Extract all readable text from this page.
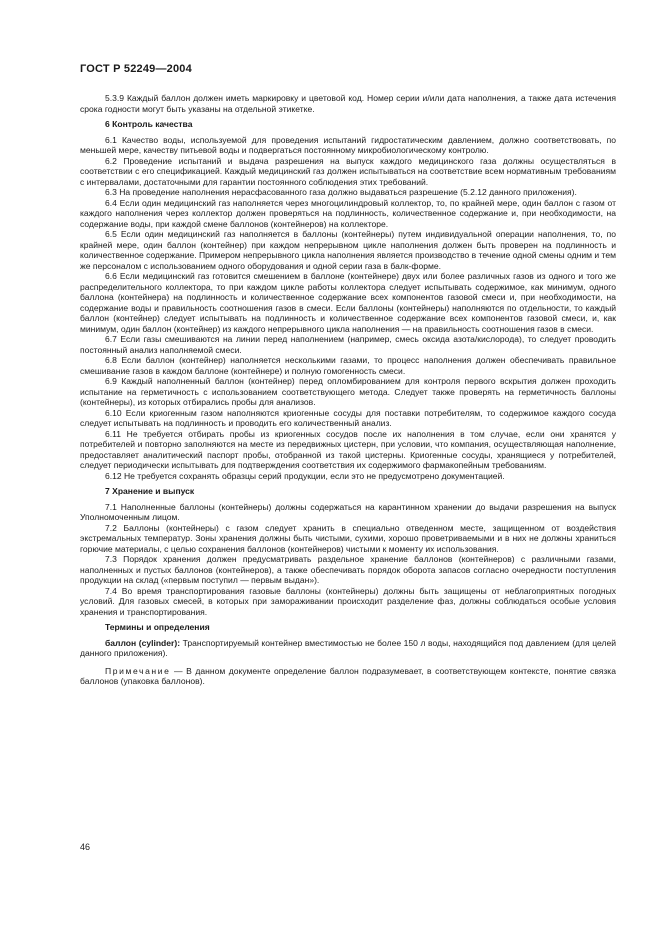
ГОСТ Р 52249—2004

5.3.9 Каждый баллон должен иметь маркировку и цветовой код. Номер серии и/или дата наполнения, а также дата истечения срока годности могут быть указаны на отдельной этикетке.

6 Контроль качества

6.1 Качество воды, используемой для проведения испытаний гидростатическим давлением, должно соответствовать, по меньшей мере, качеству питьевой воды и подвергаться постоянному микробиологическому контролю.

6.2 Проведение испытаний и выдача разрешения на выпуск каждого медицинского газа должны осуществляться в соответствии с его спецификацией. Каждый медицинский газ должен испытываться на соответствие всем нормативным требованиям с интервалами, достаточными для гарантии постоянного соблюдения этих требований.

6.3 На проведение наполнения нерасфасованного газа должно выдаваться разрешение (5.2.12 данного приложения).

6.4 Если один медицинский газ наполняется через многоцилиндровый коллектор, то, по крайней мере, один баллон с газом от каждого наполнения через коллектор должен проверяться на подлинность, количественное содержание и, при необходимости, на содержание воды, при каждой смене баллонов (контейнеров) на коллекторе.

6.5 Если один медицинский газ наполняется в баллоны (контейнеры) путем индивидуальной операции наполнения, то, по крайней мере, один баллон (контейнер) при каждом непрерывном цикле наполнения должен быть проверен на подлинность и количественное содержание. Примером непрерывного цикла наполнения является производство в течение одной смены одним и тем же персоналом с использованием одного оборудования и одной серии газа в балк-форме.

6.6 Если медицинский газ готовится смешением в баллоне (контейнере) двух или более различных газов из одного и того же распределительного коллектора, то при каждом цикле работы коллектора следует испытывать содержимое, как минимум, одного баллона (контейнера) на подлинность и количественное содержание всех компонентов газовой смеси и, при необходимости, на содержание воды и правильность соотношения газов в смеси. Если баллоны (контейнеры) наполняются по отдельности, то каждый баллон (контейнер) следует испытывать на подлинность и количественное содержание всех компонентов газовой смеси, и, как минимум, один баллон (контейнер) из каждого непрерывного цикла наполнения — на правильность соотношения газов в смеси.

6.7 Если газы смешиваются на линии перед наполнением (например, смесь оксида азота/кислорода), то следует проводить постоянный анализ наполняемой смеси.

6.8 Если баллон (контейнер) наполняется несколькими газами, то процесс наполнения должен обеспечивать правильное смешивание газов в каждом баллоне (контейнере) и полную гомогенность смеси.

6.9 Каждый наполненный баллон (контейнер) перед опломбированием для контроля первого вскрытия должен проходить испытание на герметичность с использованием соответствующего метода. Следует также проверять на герметичность баллоны (контейнеры), из которых отбирались пробы для анализов.

6.10 Если криогенным газом наполняются криогенные сосуды для поставки потребителям, то содержимое каждого сосуда следует испытывать на подлинность и проводить его количественный анализ.

6.11 Не требуется отбирать пробы из криогенных сосудов после их наполнения в том случае, если они хранятся у потребителей и повторно заполняются на месте из передвижных цистерн, при условии, что компания, осуществляющая наполнение, предоставляет аналитический паспорт пробы, отобранной из такой цистерны. Криогенные сосуды, хранящиеся у потребителей, следует периодически испытывать для подтверждения соответствия их содержимого фармакопейным требованиям.

6.12 Не требуется сохранять образцы серий продукции, если это не предусмотрено документацией.

7 Хранение и выпуск

7.1 Наполненные баллоны (контейнеры) должны содержаться на карантинном хранении до выдачи разрешения на выпуск Уполномоченным лицом.

7.2 Баллоны (контейнеры) с газом следует хранить в специально отведенном месте, защищенном от воздействия экстремальных температур. Зоны хранения должны быть чистыми, сухими, хорошо проветриваемыми и в них не должны храниться горючие материалы, с целью сохранения баллонов (контейнеров) чистыми к моменту их использования.

7.3 Порядок хранения должен предусматривать раздельное хранение баллонов (контейнеров) с различными газами, наполненных и пустых баллонов (контейнеров), а также обеспечивать порядок оборота запасов согласно очередности поступления продукции на склад («первым поступил — первым выдан»).

7.4 Во время транспортирования газовые баллоны (контейнеры) должны быть защищены от неблагоприятных погодных условий. Для газовых смесей, в которых при замораживании происходит разделение фаз, должны соблюдаться особые условия хранения и транспортирования.

Термины и определения

баллон (cylinder): Транспортируемый контейнер вместимостью не более 150 л воды, находящийся под давлением (для целей данного приложения).

Примечание — В данном документе определение баллон подразумевает, в соответствующем контексте, понятие связка баллонов (упаковка баллонов).

46
